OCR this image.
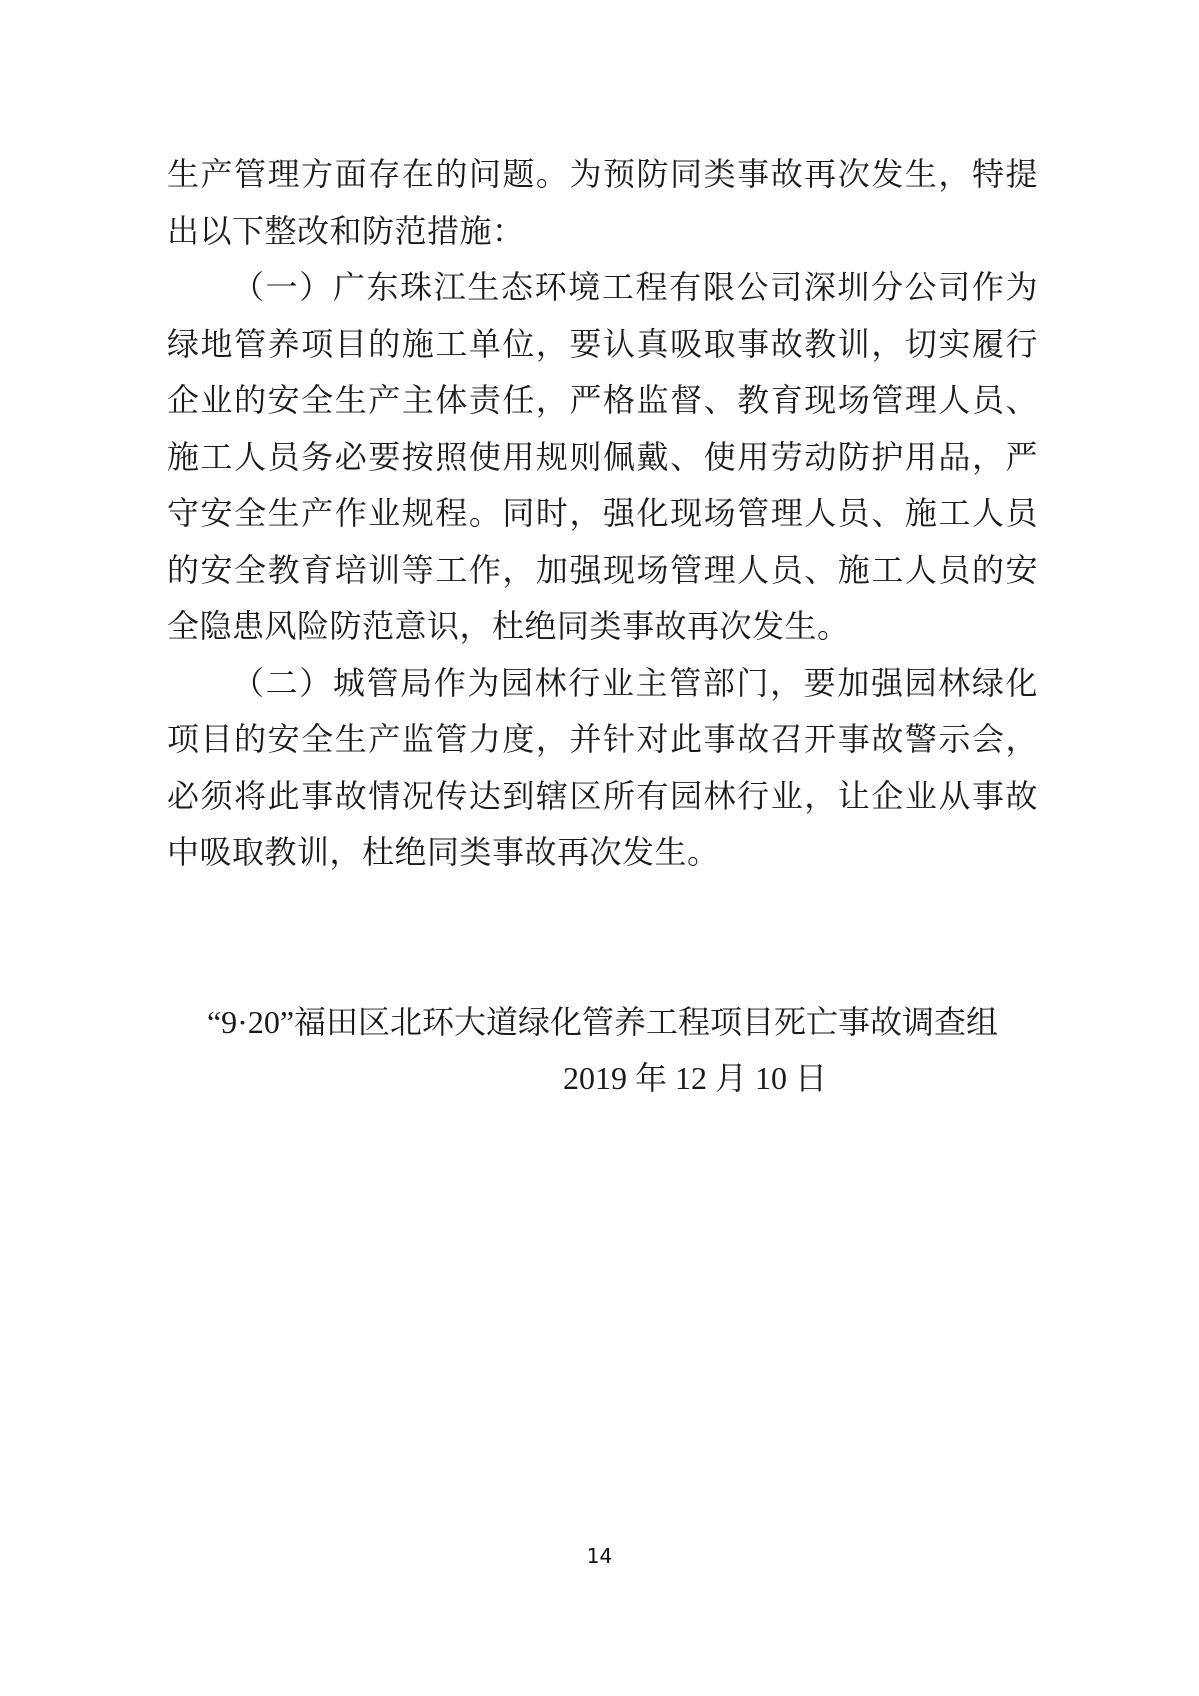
生产管理方面存在的问题。为预防同类事故再次发生，特提出以下整改和防范措施：

（一）广东珠江生态环境工程有限公司深圳分公司作为绿地管养项目的施工单位，要认真吸取事故教训，切实履行企业的安全生产主体责任，严格监督、教育现场管理人员、施工人员务必要按照使用规则佩戴、使用劳动防护用品，严守安全生产作业规程。同时，强化现场管理人员、施工人员的安全教育培训等工作，加强现场管理人员、施工人员的安全隐患风险防范意识，杜绝同类事故再次发生。

（二）城管局作为园林行业主管部门，要加强园林绿化项目的安全生产监管力度，并针对此事故召开事故警示会，必须将此事故情况传达到辖区所有园林行业，让企业从事故中吸取教训，杜绝同类事故再次发生。

“9·20”福田区北环大道绿化管养工程项目死亡事故调查组

2019 年 12 月 10 日

14
